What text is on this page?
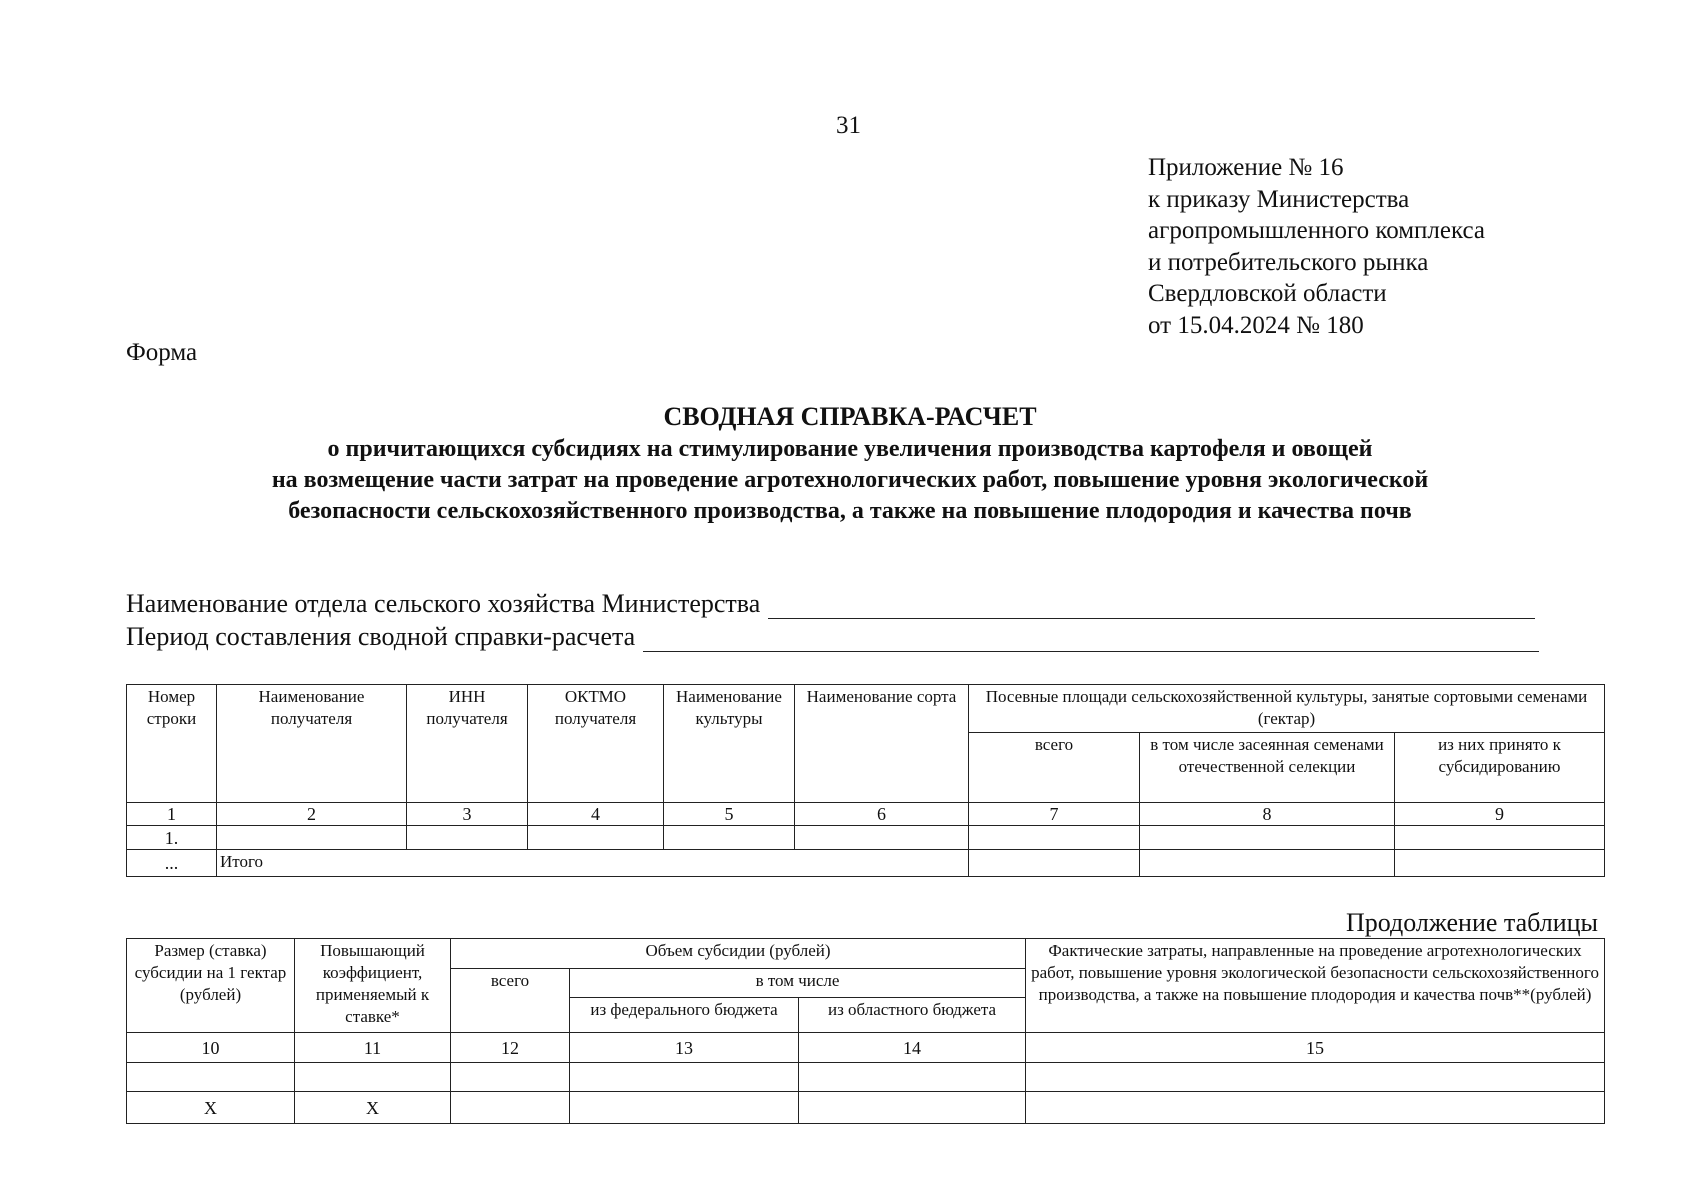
31
Приложение № 16
к приказу Министерства
агропромышленного комплекса
и потребительского рынка
Свердловской области
от 15.04.2024 № 180
Форма
СВОДНАЯ СПРАВКА-РАСЧЕТ
о причитающихся субсидиях на стимулирование увеличения производства картофеля и овощей
на возмещение части затрат на проведение агротехнологических работ, повышение уровня экологической
безопасности сельскохозяйственного производства, а также на повышение плодородия и качества почв
Наименование отдела сельского хозяйства Министерства
Период составления сводной справки-расчета
Номер строки	Наименование получателя	ИНН получателя	ОКТМО получателя	Наименование культуры	Наименование сорта	Посевные площади сельскохозяйственной культуры, занятые сортовыми семенами (гектар)		
						всего	в том числе засеянная семенами отечественной селекции	из них принято к субсидированию
1	2	3	4	5	6	7	8	9
1.								
...	Итого							
Продолжение таблицы
Размер (ставка) субсидии на 1 гектар (рублей)	Повышающий коэффициент, применяемый к ставке*	Объем субсидии (рублей)			Фактические затраты, направленные на проведение агротехнологических работ, повышение уровня экологической безопасности сельскохозяйственного производства, а также на повышение плодородия и качества почв**(рублей)
		всего	в том числе		
			из федерального бюджета	из областного бюджета	
10	11	12	13	14	15

X	X				
